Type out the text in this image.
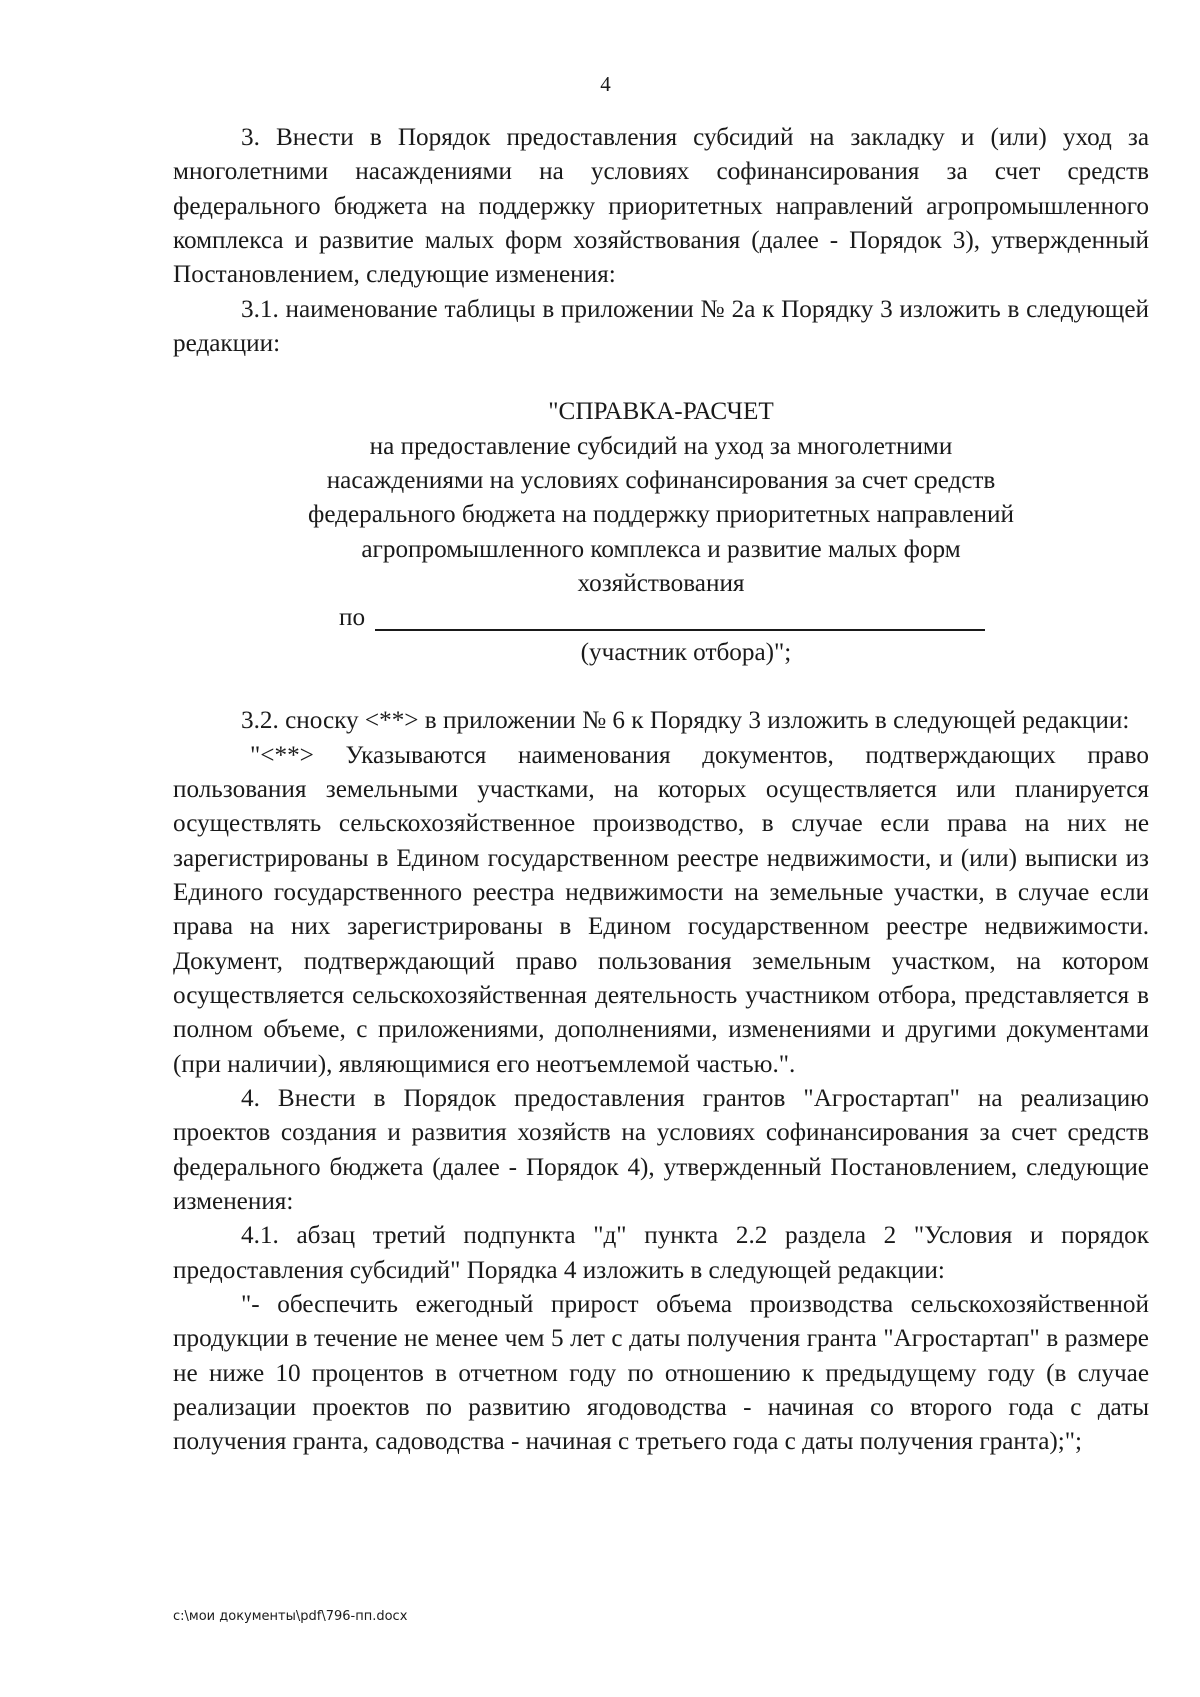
4

3. Внести в Порядок предоставления субсидий на закладку и (или) уход за многолетними насаждениями на условиях софинансирования за счет средств федерального бюджета на поддержку приоритетных направлений агропромышленного комплекса и развитие малых форм хозяйствования (далее - Порядок 3), утвержденный Постановлением, следующие изменения:

3.1. наименование таблицы в приложении № 2а к Порядку 3 изложить в следующей редакции:

"СПРАВКА-РАСЧЕТ
на предоставление субсидий на уход за многолетними
насаждениями на условиях софинансирования за счет средств
федерального бюджета на поддержку приоритетных направлений
агропромышленного комплекса и развитие малых форм
хозяйствования
по
(участник отбора)";

3.2. сноску <**> в приложении № 6 к Порядку 3 изложить в следующей редакции:

"<**> Указываются наименования документов, подтверждающих право пользования земельными участками, на которых осуществляется или планируется осуществлять сельскохозяйственное производство, в случае если права на них не зарегистрированы в Едином государственном реестре недвижимости, и (или) выписки из Единого государственного реестра недвижимости на земельные участки, в случае если права на них зарегистрированы в Едином государственном реестре недвижимости. Документ, подтверждающий право пользования земельным участком, на котором осуществляется сельскохозяйственная деятельность участником отбора, представляется в полном объеме, с приложениями, дополнениями, изменениями и другими документами (при наличии), являющимися его неотъемлемой частью.".

4. Внести в Порядок предоставления грантов "Агростартап" на реализацию проектов создания и развития хозяйств на условиях софинансирования за счет средств федерального бюджета (далее - Порядок 4), утвержденный Постановлением, следующие изменения:

4.1. абзац третий подпункта "д" пункта 2.2 раздела 2 "Условия и порядок предоставления субсидий" Порядка 4 изложить в следующей редакции:

"- обеспечить ежегодный прирост объема производства сельскохозяйственной продукции в течение не менее чем 5 лет с даты получения гранта "Агростартап" в размере не ниже 10 процентов в отчетном году по отношению к предыдущему году (в случае реализации проектов по развитию ягодоводства - начиная со второго года с даты получения гранта, садоводства - начиная с третьего года с даты получения гранта);";

c:\мои документы\pdf\796-пп.docx
